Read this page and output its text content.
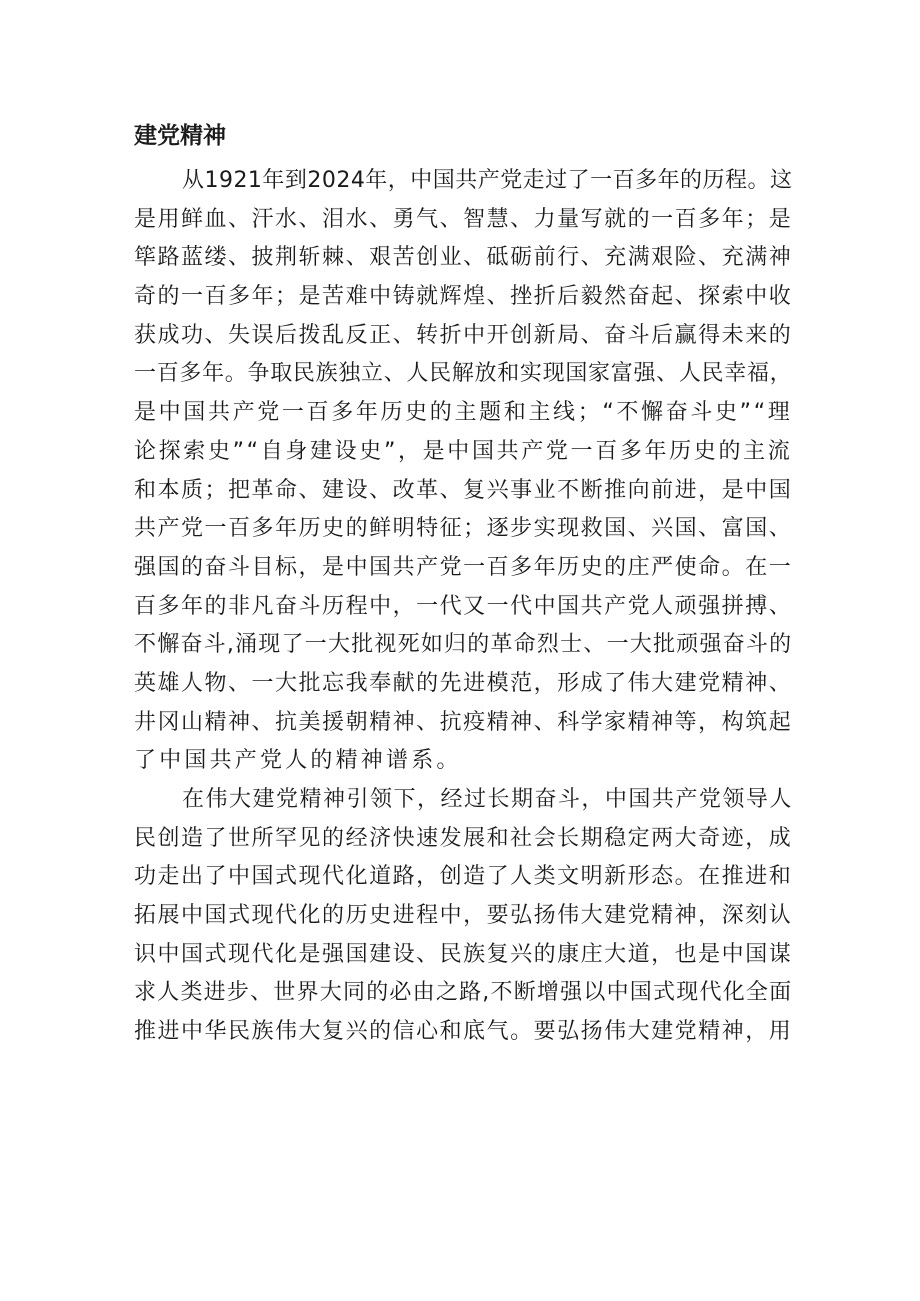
建党精神
从1921年到2024年，中国共产党走过了一百多年的历程。这
是用鲜血、汗水、泪水、勇气、智慧、力量写就的一百多年；是
筚路蓝缕、披荆斩棘、艰苦创业、砥砺前行、充满艰险、充满神
奇的一百多年；是苦难中铸就辉煌、挫折后毅然奋起、探索中收
获成功、失误后拨乱反正、转折中开创新局、奋斗后赢得未来的
一百多年。争取民族独立、人民解放和实现国家富强、人民幸福，
是中国共产党一百多年历史的主题和主线；“不懈奋斗史”“理
论探索史”“自身建设史”，是中国共产党一百多年历史的主流
和本质；把革命、建设、改革、复兴事业不断推向前进，是中国
共产党一百多年历史的鲜明特征；逐步实现救国、兴国、富国、
强国的奋斗目标，是中国共产党一百多年历史的庄严使命。在一
百多年的非凡奋斗历程中，一代又一代中国共产党人顽强拼搏、
不懈奋斗,涌现了一大批视死如归的革命烈士、一大批顽强奋斗的
英雄人物、一大批忘我奉献的先进模范，形成了伟大建党精神、
井冈山精神、抗美援朝精神、抗疫精神、科学家精神等，构筑起
了中国共产党人的精神谱系。
在伟大建党精神引领下，经过长期奋斗，中国共产党领导人
民创造了世所罕见的经济快速发展和社会长期稳定两大奇迹，成
功走出了中国式现代化道路，创造了人类文明新形态。在推进和
拓展中国式现代化的历史进程中，要弘扬伟大建党精神，深刻认
识中国式现代化是强国建设、民族复兴的康庄大道，也是中国谋
求人类进步、世界大同的必由之路,不断增强以中国式现代化全面
推进中华民族伟大复兴的信心和底气。要弘扬伟大建党精神，用
